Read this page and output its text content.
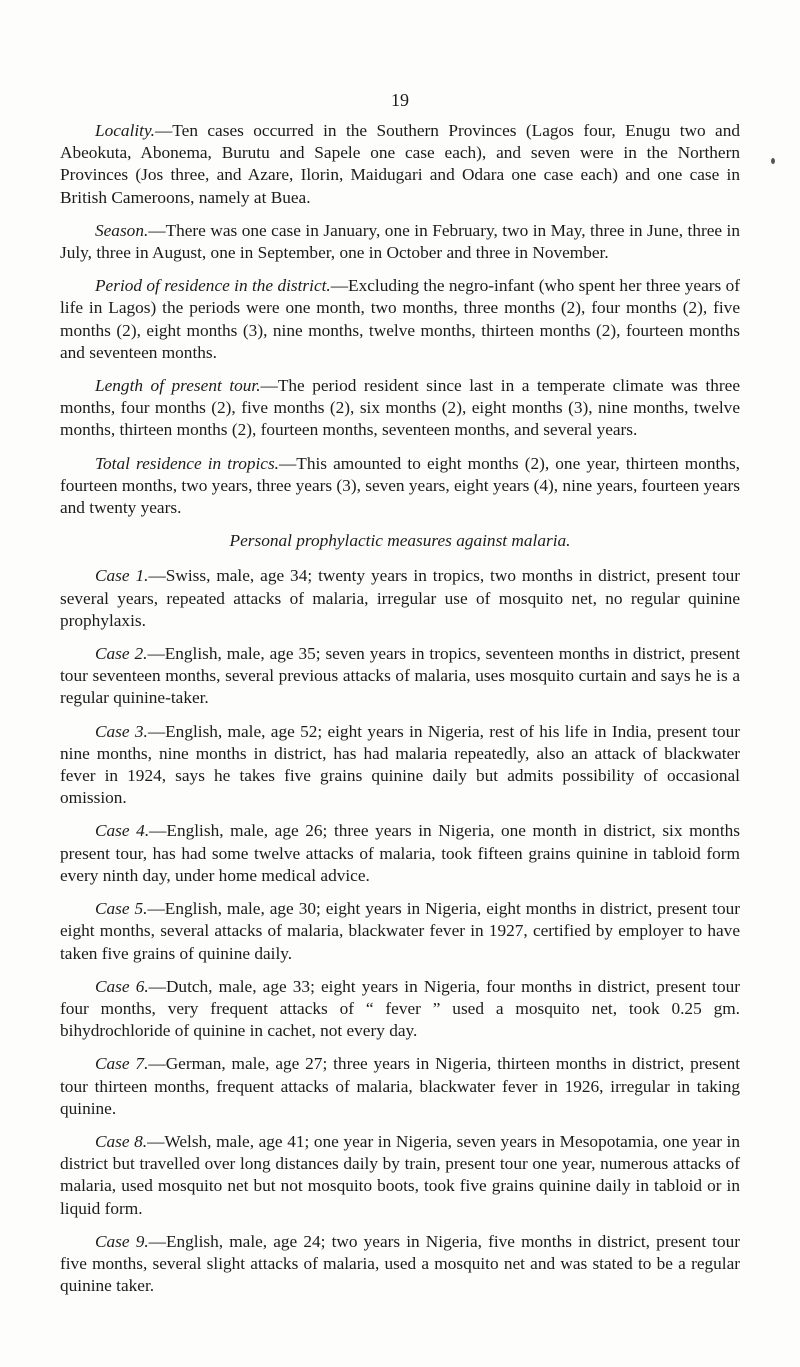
19

Locality.—Ten cases occurred in the Southern Provinces (Lagos four, Enugu two and Abeokuta, Abonema, Burutu and Sapele one case each), and seven were in the Northern Provinces (Jos three, and Azare, Ilorin, Maidugari and Odara one case each) and one case in British Cameroons, namely at Buea.

Season.—There was one case in January, one in February, two in May, three in June, three in July, three in August, one in September, one in October and three in November.

Period of residence in the district.—Excluding the negro-infant (who spent her three years of life in Lagos) the periods were one month, two months, three months (2), four months (2), five months (2), eight months (3), nine months, twelve months, thirteen months (2), fourteen months and seventeen months.

Length of present tour.—The period resident since last in a temperate climate was three months, four months (2), five months (2), six months (2), eight months (3), nine months, twelve months, thirteen months (2), fourteen months, seventeen months, and several years.

Total residence in tropics.—This amounted to eight months (2), one year, thirteen months, fourteen months, two years, three years (3), seven years, eight years (4), nine years, fourteen years and twenty years.

Personal prophylactic measures against malaria.

Case 1.—Swiss, male, age 34; twenty years in tropics, two months in district, present tour several years, repeated attacks of malaria, irregular use of mosquito net, no regular quinine prophylaxis.

Case 2.—English, male, age 35; seven years in tropics, seventeen months in district, present tour seventeen months, several previous attacks of malaria, uses mosquito curtain and says he is a regular quinine-taker.

Case 3.—English, male, age 52; eight years in Nigeria, rest of his life in India, present tour nine months, nine months in district, has had malaria repeatedly, also an attack of blackwater fever in 1924, says he takes five grains quinine daily but admits possibility of occasional omission.

Case 4.—English, male, age 26; three years in Nigeria, one month in district, six months present tour, has had some twelve attacks of malaria, took fifteen grains quinine in tabloid form every ninth day, under home medical advice.

Case 5.—English, male, age 30; eight years in Nigeria, eight months in district, present tour eight months, several attacks of malaria, blackwater fever in 1927, certified by employer to have taken five grains of quinine daily.

Case 6.—Dutch, male, age 33; eight years in Nigeria, four months in district, present tour four months, very frequent attacks of “ fever ” used a mosquito net, took 0.25 gm. bihydrochloride of quinine in cachet, not every day.

Case 7.—German, male, age 27; three years in Nigeria, thirteen months in district, present tour thirteen months, frequent attacks of malaria, blackwater fever in 1926, irregular in taking quinine.

Case 8.—Welsh, male, age 41; one year in Nigeria, seven years in Mesopotamia, one year in district but travelled over long distances daily by train, present tour one year, numerous attacks of malaria, used mosquito net but not mosquito boots, took five grains quinine daily in tabloid or in liquid form.

Case 9.—English, male, age 24; two years in Nigeria, five months in district, present tour five months, several slight attacks of malaria, used a mosquito net and was stated to be a regular quinine taker.
